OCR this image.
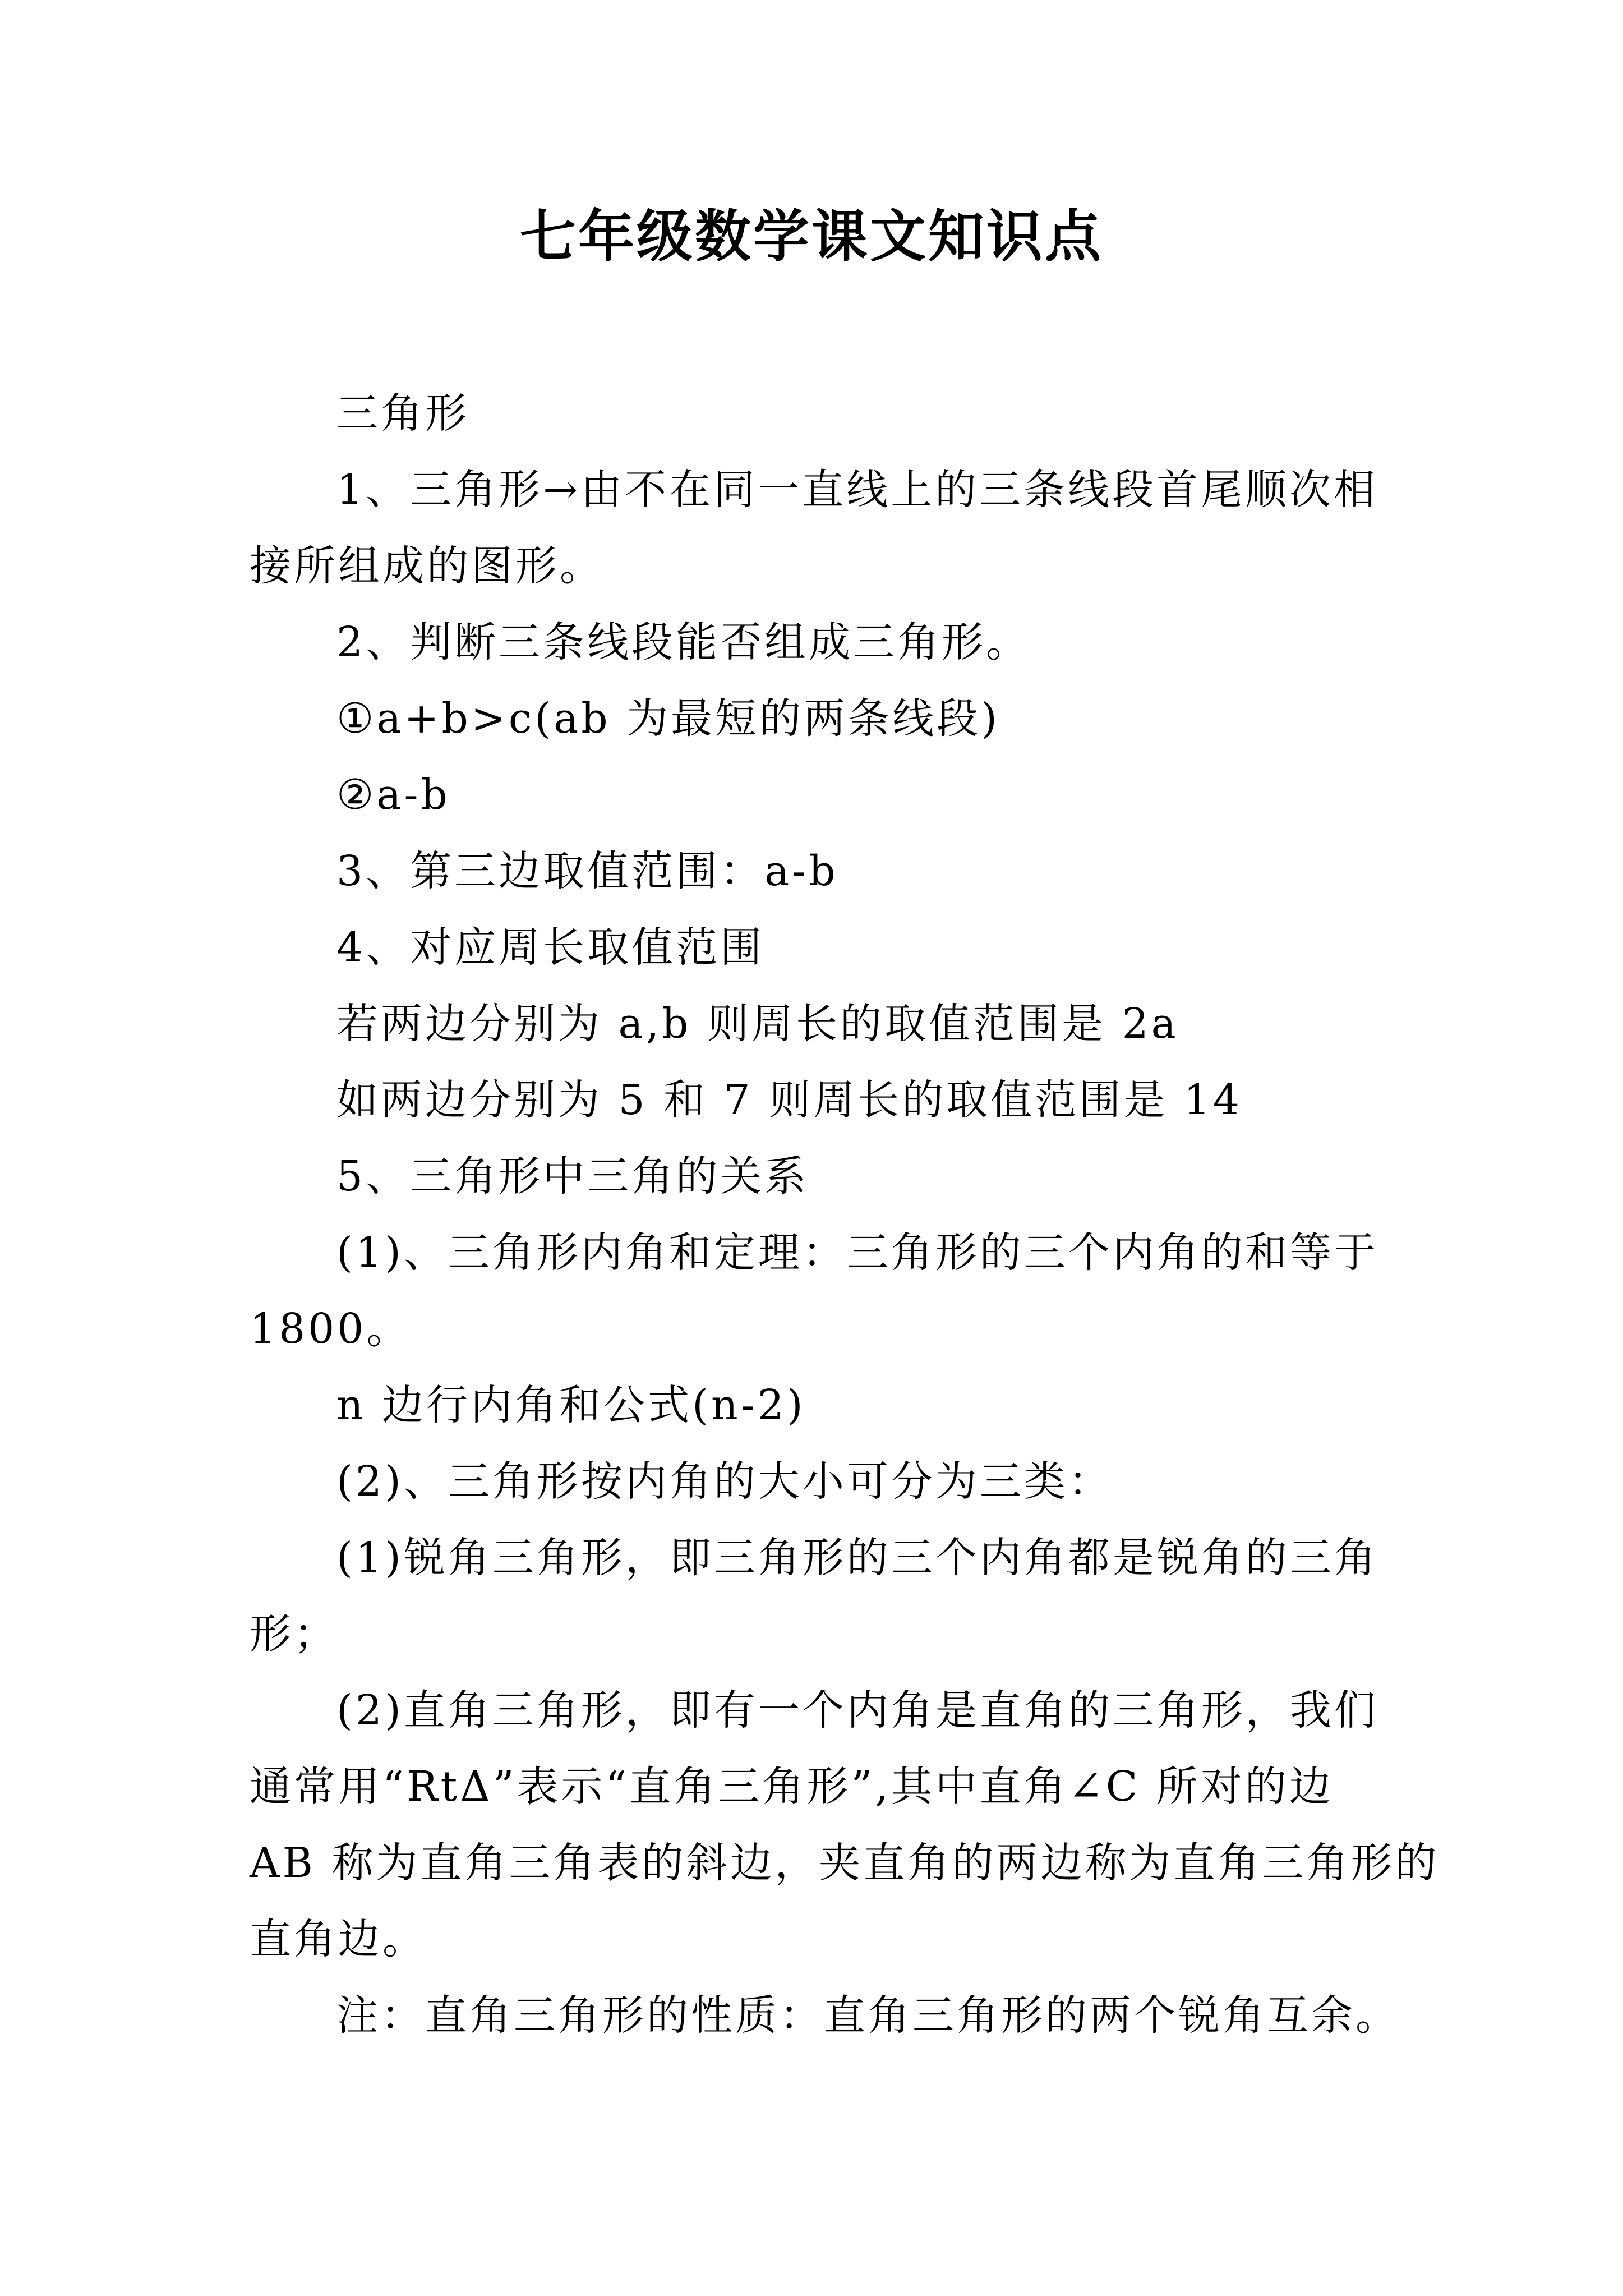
七年级数学课文知识点
三角形
1、三角形→由不在同一直线上的三条线段首尾顺次相
接所组成的图形。
2、判断三条线段能否组成三角形。
①a+b>c(ab 为最短的两条线段)
②a-b
3、第三边取值范围：a-b
4、对应周长取值范围
若两边分别为 a,b 则周长的取值范围是 2a
如两边分别为 5 和 7 则周长的取值范围是 14
5、三角形中三角的关系
(1)、三角形内角和定理：三角形的三个内角的和等于
1800。
n 边行内角和公式(n-2)
(2)、三角形按内角的大小可分为三类：
(1)锐角三角形，即三角形的三个内角都是锐角的三角
形；
(2)直角三角形，即有一个内角是直角的三角形，我们
通常用“RtΔ”表示“直角三角形”,其中直角∠C 所对的边
AB 称为直角三角表的斜边，夹直角的两边称为直角三角形的
直角边。
注：直角三角形的性质：直角三角形的两个锐角互余。
